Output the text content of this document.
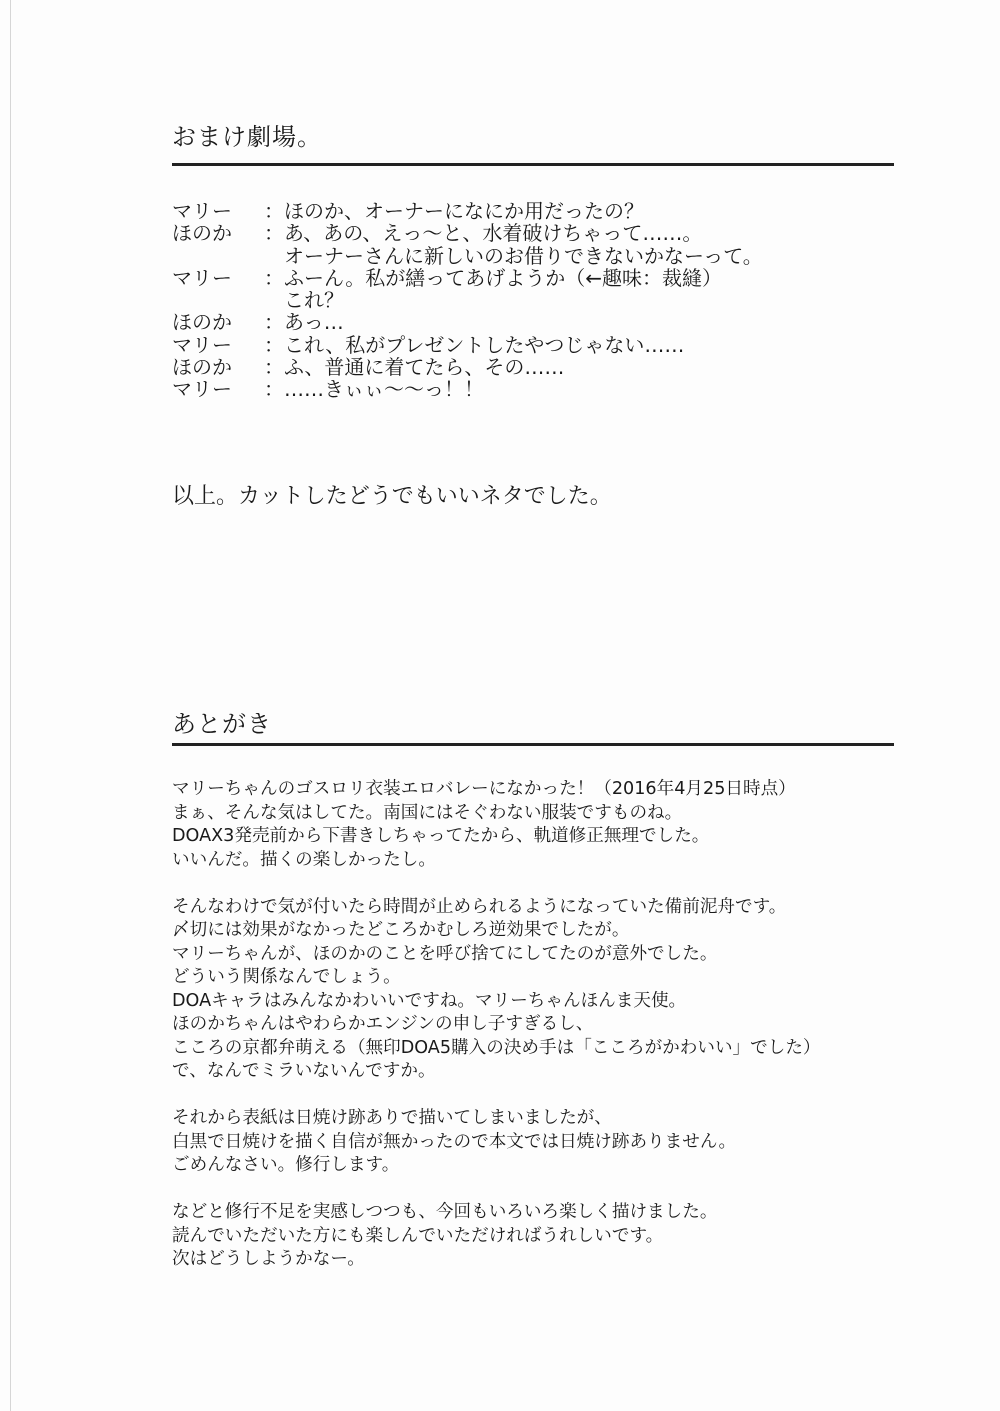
おまけ劇場。
マリー	： ほのか、オーナーになにか用だったの？
ほのか	： あ、あの、えっ～と、水着破けちゃって……。
オーナーさんに新しいのお借りできないかなーって。
マリー	： ふーん。私が繕ってあげようか（←趣味：裁縫）
これ？
ほのか	： あっ…
マリー	： これ、私がプレゼントしたやつじゃない……
ほのか	： ふ、普通に着てたら、その……
マリー	： ……きぃぃ～～っ！！
以上。カットしたどうでもいいネタでした。
あとがき
マリーちゃんのゴスロリ衣装エロバレーになかった！（2016年4月25日時点）
まぁ、そんな気はしてた。南国にはそぐわない服装ですものね。
DOAX3発売前から下書きしちゃってたから、軌道修正無理でした。
いいんだ。描くの楽しかったし。
そんなわけで気が付いたら時間が止められるようになっていた備前泥舟です。
〆切には効果がなかったどころかむしろ逆効果でしたが。
マリーちゃんが、ほのかのことを呼び捨てにしてたのが意外でした。
どういう関係なんでしょう。
DOAキャラはみんなかわいいですね。マリーちゃんほんま天使。
ほのかちゃんはやわらかエンジンの申し子すぎるし、
こころの京都弁萌える（無印DOA5購入の決め手は「こころがかわいい」でした）
で、なんでミラいないんですか。
それから表紙は日焼け跡ありで描いてしまいましたが、
白黒で日焼けを描く自信が無かったので本文では日焼け跡ありません。
ごめんなさい。修行します。
などと修行不足を実感しつつも、今回もいろいろ楽しく描けました。
読んでいただいた方にも楽しんでいただければうれしいです。
次はどうしようかなー。
